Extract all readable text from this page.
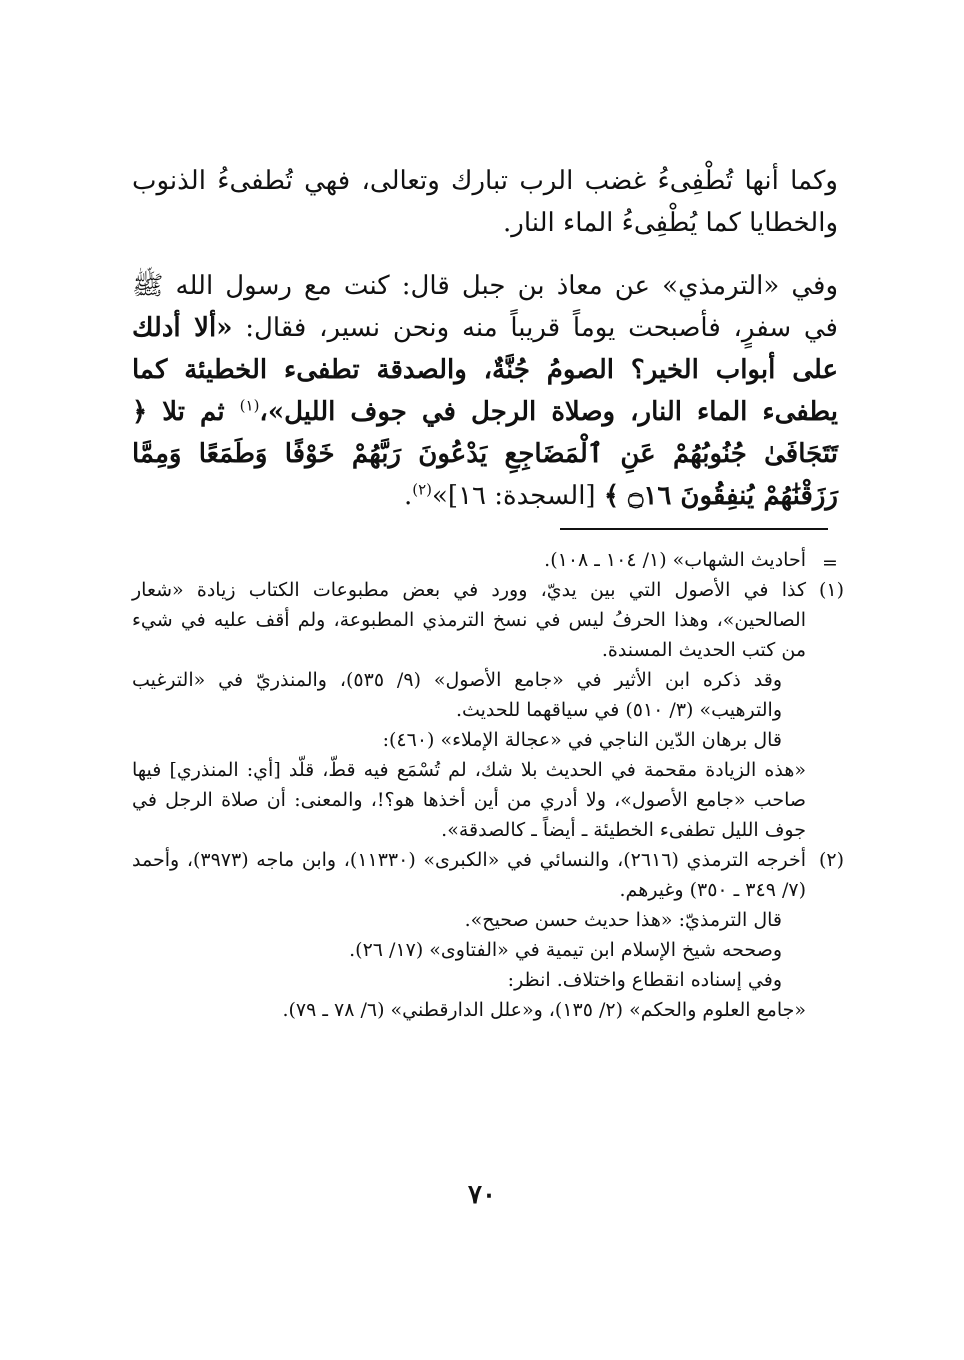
وكما أنها تُطْفِىءُ غضب الرب تبارك وتعالى، فهي تُطفىءُ الذنوب والخطايا كما يُطْفِىءُ الماء النار.

وفي «الترمذي» عن معاذ بن جبل قال: كنت مع رسول الله ﷺ في سفرٍ، فأصبحت يوماً قريباً منه ونحن نسير، فقال: «ألا أدلك على أبواب الخير؟ الصومُ جُنَّةٌ، والصدقة تطفىء الخطيئة كما يطفىء الماء النار، وصلاة الرجل في جوف الليل»،$^{(١)}$ ثم تلا ﴿ تَتَجَافَىٰ جُنُوبُهُمْ عَنِ ٱلْمَضَاجِعِ يَدْعُونَ رَبَّهُمْ خَوْفًا وَطَمَعًا وَمِمَّا رَزَقْنَٰهُمْ يُنفِقُونَ ۝١٦ ﴾ [السجدة: ١٦]»$^{(٢)}$.

=
أحاديث الشهاب» (١/ ١٠٤ ـ ١٠٨).
(١)
كذا في الأصول التي بين يديّ، وورد في بعض مطبوعات الكتاب زيادة «شعار الصالحين»، وهذا الحرفُ ليس في نسخ الترمذي المطبوعة، ولم أقف عليه في شيء من كتب الحديث المسندة.
وقد ذكره ابن الأثير في «جامع الأصول» (٩/ ٥٣٥)، والمنذريّ في «الترغيب والترهيب» (٣/ ٥١٠) في سياقهما للحديث.
قال برهان الدّين الناجي في «عجالة الإملاء» (٤٦٠):
«هذه الزيادة مقحمة في الحديث بلا شك، لم تُسْمَع فيه قطّ، قلّد [أي: المنذري] فيها صاحب «جامع الأصول»، ولا أدري من أين أخذها هو؟!، والمعنى: أن صلاة الرجل في جوف الليل تطفىء الخطيئة ـ أيضاً ـ كالصدقة».
(٢)
أخرجه الترمذي (٢٦١٦)، والنسائي في «الكبرى» (١١٣٣٠)، وابن ماجه (٣٩٧٣)، وأحمد (٧/ ٣٤٩ ـ ٣٥٠) وغيرهم.
قال الترمذيّ: «هذا حديث حسن صحيح».
وصححه شيخ الإسلام ابن تيمية في «الفتاوى» (١٧/ ٢٦).
وفي إسناده انقطاع واختلاف. انظر:
«جامع العلوم والحكم» (٢/ ١٣٥)، و«علل الدارقطني» (٦/ ٧٨ ـ ٧٩).
٧٠
